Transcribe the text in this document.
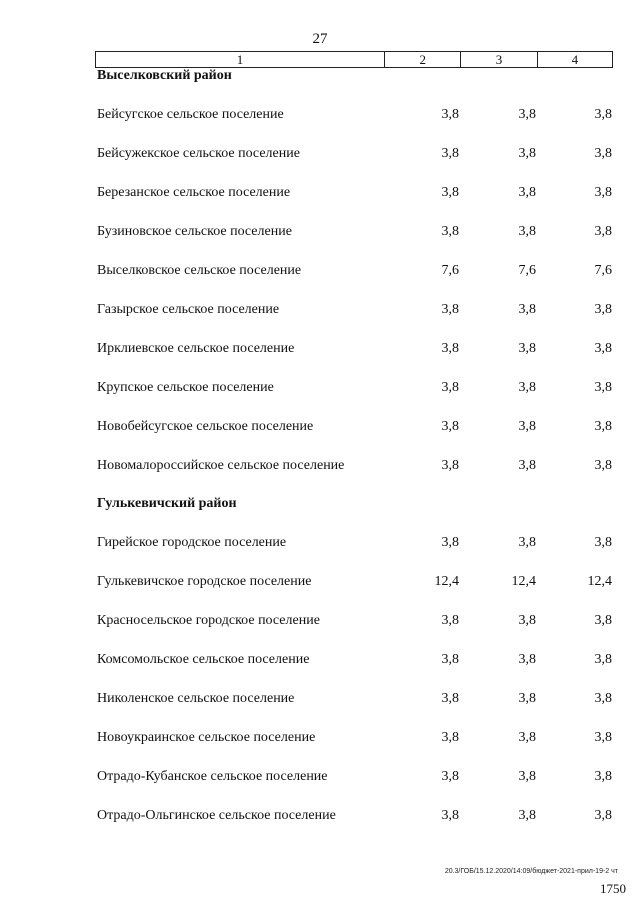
27
1	2	3	4
Выселковский район
Бейсугское сельское поселение	3,8	3,8	3,8
Бейсужекское сельское поселение	3,8	3,8	3,8
Березанское сельское поселение	3,8	3,8	3,8
Бузиновское сельское поселение	3,8	3,8	3,8
Выселковское сельское поселение	7,6	7,6	7,6
Газырское сельское поселение	3,8	3,8	3,8
Ирклиевское сельское поселение	3,8	3,8	3,8
Крупское сельское поселение	3,8	3,8	3,8
Новобейсугское сельское поселение	3,8	3,8	3,8
Новомалороссийское сельское поселение	3,8	3,8	3,8
Гулькевичский район
Гирейское городское поселение	3,8	3,8	3,8
Гулькевичское городское поселение	12,4	12,4	12,4
Красносельское городское поселение	3,8	3,8	3,8
Комсомольское сельское поселение	3,8	3,8	3,8
Николенское сельское поселение	3,8	3,8	3,8
Новоукраинское сельское поселение	3,8	3,8	3,8
Отрадо-Кубанское сельское поселение	3,8	3,8	3,8
Отрадо-Ольгинское сельское поселение	3,8	3,8	3,8
20.3/ГОБ/15.12.2020/14:09/бюджет-2021-прил-19-2 чт
1750
